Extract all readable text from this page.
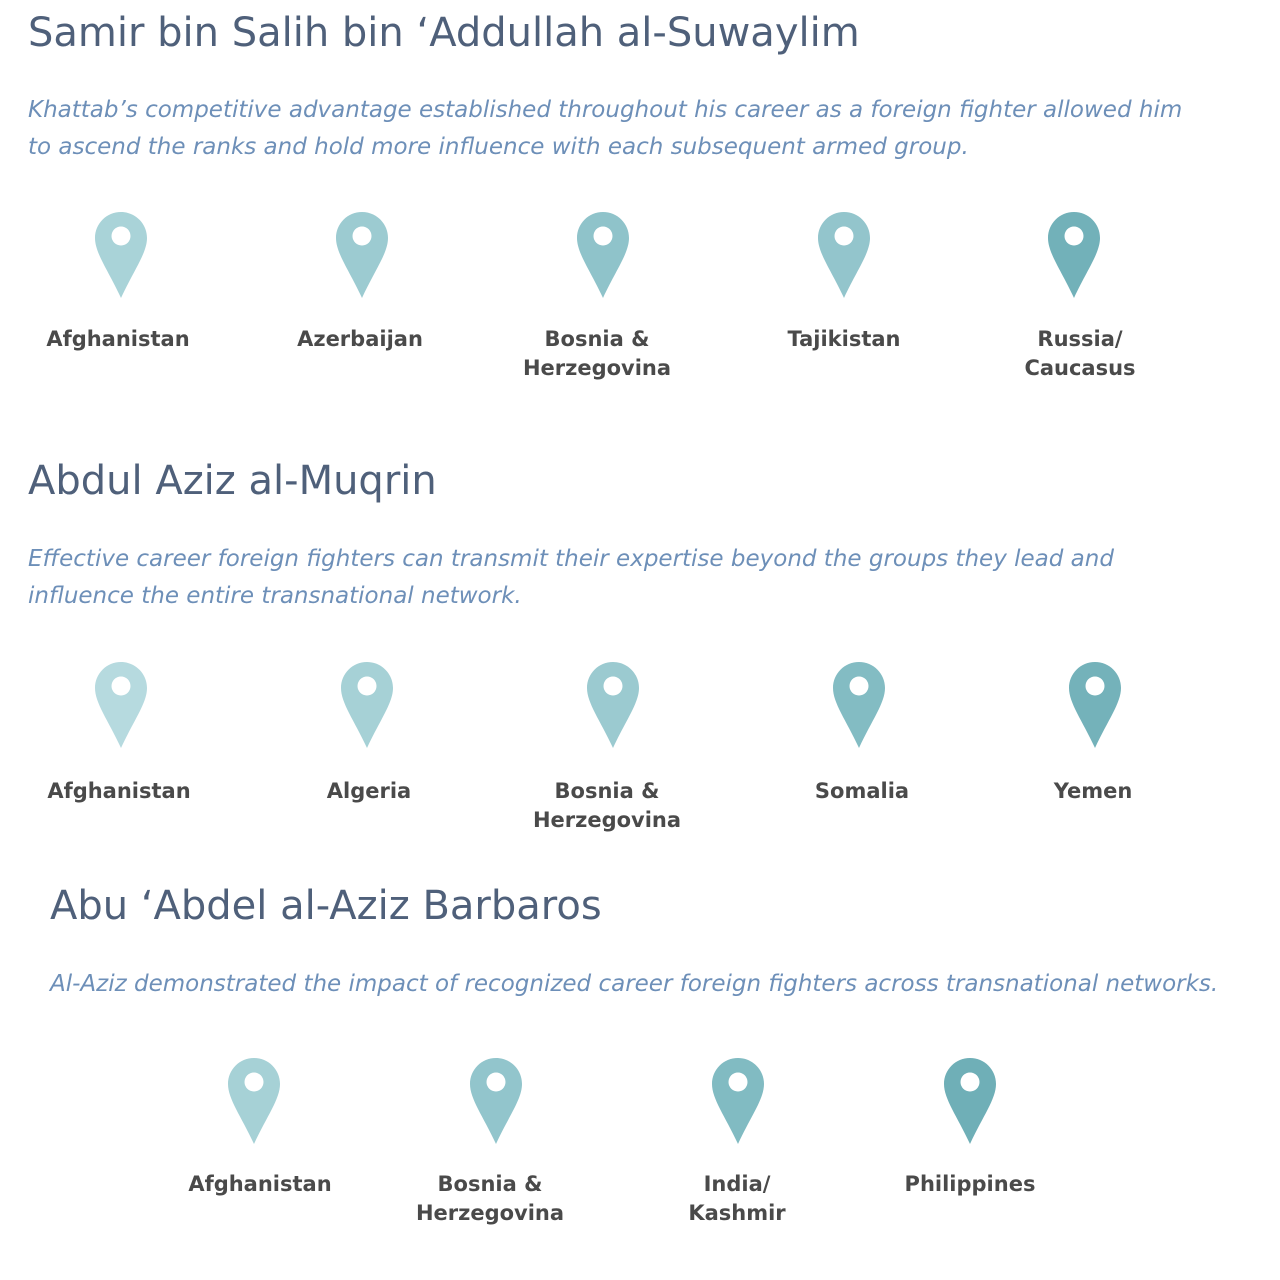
Samir bin Salih bin ‘Addullah al-Suwaylim

Khattab’s competitive advantage established throughout his career as a foreign fighter allowed him to ascend the ranks and hold more influence with each subsequent armed group.

Afghanistan	Azerbaijan	Bosnia &
Herzegovina
Tajikistan	Russia/
Caucasus
Abdul Aziz al-Muqrin

Effective career foreign fighters can transmit their expertise beyond the groups they lead and influence the entire transnational network.

Afghanistan	Algeria	Bosnia &
Herzegovina
Somalia	Yemen
Abu ‘Abdel al-Aziz Barbaros

Al-Aziz demonstrated the impact of recognized career foreign fighters across transnational networks.

Afghanistan	Bosnia &
Herzegovina
India/
Kashmir
Philippines
